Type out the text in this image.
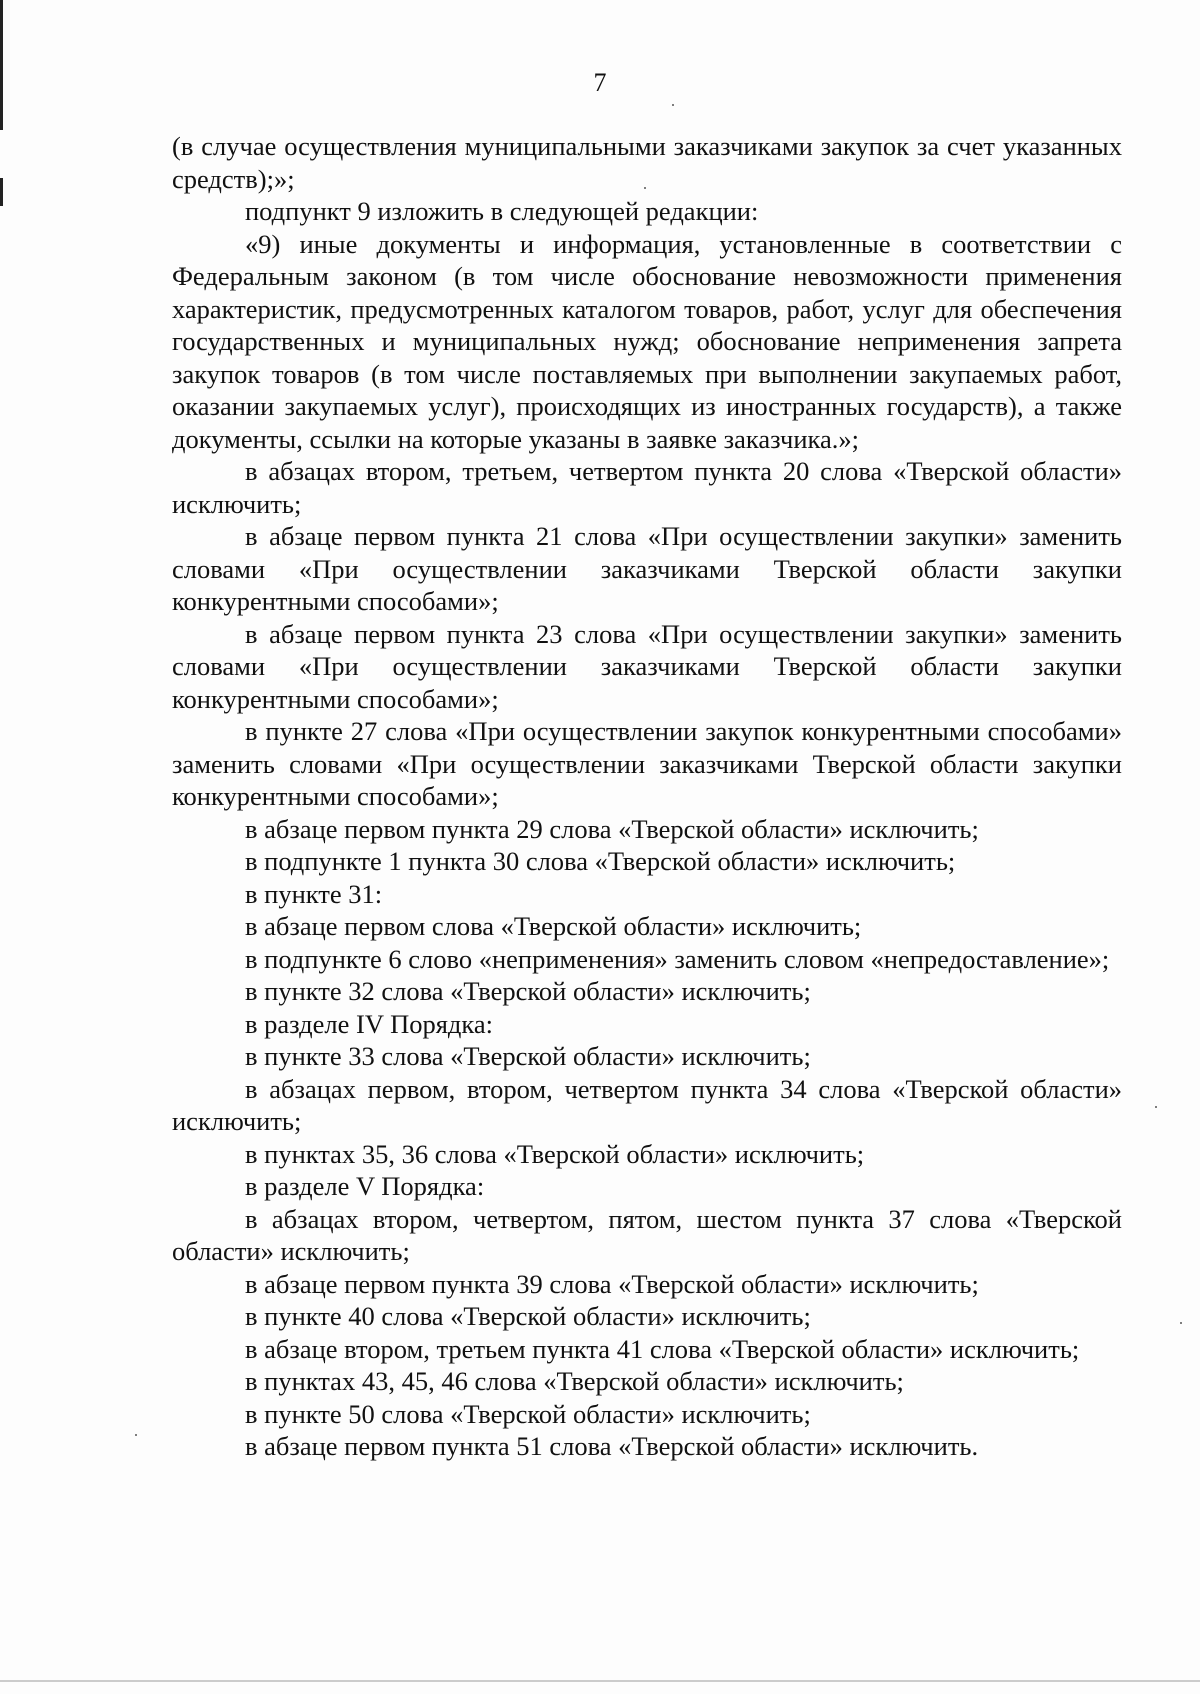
7

(в случае осуществления муниципальными заказчиками закупок за счет указанных средств);»;

подпункт 9 изложить в следующей редакции:

«9) иные документы и информация, установленные в соответствии с Федеральным законом (в том числе обоснование невозможности применения характеристик, предусмотренных каталогом товаров, работ, услуг для обеспечения государственных и муниципальных нужд; обоснование неприменения запрета закупок товаров (в том числе поставляемых при выполнении закупаемых работ, оказании закупаемых услуг), происходящих из иностранных государств), а также документы, ссылки на которые указаны в заявке заказчика.»;

в абзацах втором, третьем, четвертом пункта 20 слова «Тверской области» исключить;

в абзаце первом пункта 21 слова «При осуществлении закупки» заменить словами «При осуществлении заказчиками Тверской области закупки конкурентными способами»;

в абзаце первом пункта 23 слова «При осуществлении закупки» заменить словами «При осуществлении заказчиками Тверской области закупки конкурентными способами»;

в пункте 27 слова «При осуществлении закупок конкурентными способами» заменить словами «При осуществлении заказчиками Тверской области закупки конкурентными способами»;

в абзаце первом пункта 29 слова «Тверской области» исключить;

в подпункте 1 пункта 30 слова «Тверской области» исключить;

в пункте 31:

в абзаце первом слова «Тверской области» исключить;

в подпункте 6 слово «неприменения» заменить словом «непредоставление»;

в пункте 32 слова «Тверской области» исключить;

в разделе IV Порядка:

в пункте 33 слова «Тверской области» исключить;

в абзацах первом, втором, четвертом пункта 34 слова «Тверской области» исключить;

в пунктах 35, 36 слова «Тверской области» исключить;

в разделе V Порядка:

в абзацах втором, четвертом, пятом, шестом пункта 37 слова «Тверской области» исключить;

в абзаце первом пункта 39 слова «Тверской области» исключить;

в пункте 40 слова «Тверской области» исключить;

в абзаце втором, третьем пункта 41 слова «Тверской области» исключить;

в пунктах 43, 45, 46 слова «Тверской области» исключить;

в пункте 50 слова «Тверской области» исключить;

в абзаце первом пункта 51 слова «Тверской области» исключить.
